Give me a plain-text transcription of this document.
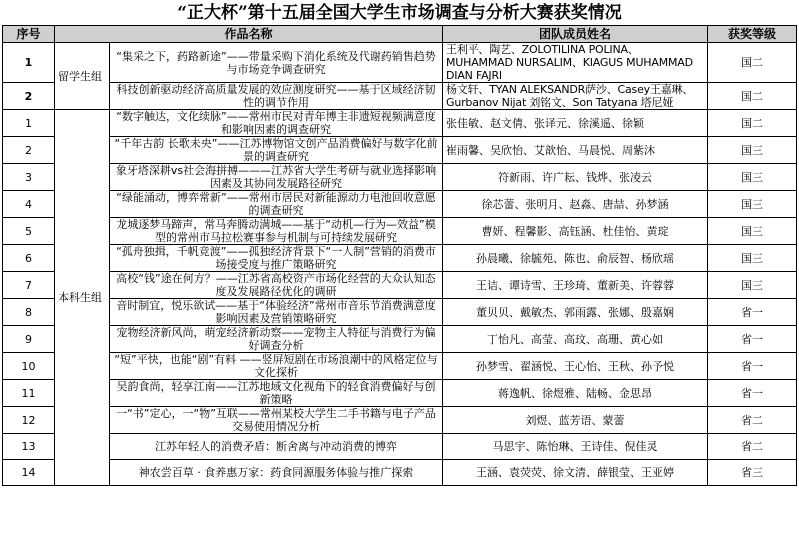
“正大杯”第十五届全国大学生市场调查与分析大赛获奖情况
序号	作品名称		团队成员姓名	获奖等级
1	留学生组	“集采之下，药路新途”——带量采购下消化系统及代谢药销售趋势与市场竞争调查研究	王利平、陶艺、ZOLOTILINA POLINA、MUHAMMAD NURSALIM、KIAGUS MUHAMMAD DIAN FAJRI	国二
2		科技创新驱动经济高质量发展的效应测度研究——基于区域经济韧性的调节作用	杨文轩、TYAN ALEKSANDR萨沙、Casey王嘉琳、Gurbanov Nijat 刘铭文、Son Tatyana 塔尼娅	国二
1	本科生组	“数字触达，文化续脉”——常州市民对青年博主非遗短视频满意度和影响因素的调查研究	张佳敏、赵文倩、张译元、徐溪遥、徐颖	国二
2		“千年古韵 长歌未央”——江苏博物馆文创产品消费偏好与数字化前景的调查研究	崔雨馨、吴欣怡、艾歆怡、马晨悦、周紫沐	国三
3		象牙塔深耕vs社会海拼搏———江苏省大学生考研与就业选择影响因素及其协同发展路径研究	符新雨、许广耘、钱烨、张凌云	国三
4		“绿能涌动，博弈常新”——常州市居民对新能源动力电池回收意愿的调查研究	徐芯蕾、张明月、赵淼、唐喆、孙梦涵	国三
5		龙城逐梦马蹄声，常马奔腾动满城——基于“动机—行为—效益”模型的常州市马拉松赛事参与机制与可持续发展研究	曹妍、程馨影、高钰涵、杜佳怡、黄琔	国三
6		“孤舟独揖，千帆竞渡”——孤独经济背景下“一人制”营销的消费市场接受度与推广策略研究	孙晨曦、徐毓苑、陈也、俞辰智、杨欣瑶	国三
7		高校“钱”途在何方？——江苏省高校资产市场化经营的大众认知态度及发展路径优化的调研	王诘、谭诗雪、王珍琦、董新美、许蓉蓉	国三
8		音时制宜，悦乐欲试——基于“体验经济”常州市音乐节消费满意度影响因素及营销策略研究	董贝贝、戴敏杰、郭雨露、张娜、殷嘉娴	省一
9		宠物经济新风尚，萌宠经济新动察——宠物主人特征与消费行为偏好调查分析	丁怡凡、高莹、高玟、高珊、黄心如	省一
10		“短”平快，也能“剧”有料 ——竖屏短剧在市场浪潮中的风格定位与文化探析	孙梦雪、翟涵悦、王心怡、王秋、孙予悦	省一
11		吴韵食尚，轻享江南——江苏地域文化视角下的轻食消费偏好与创新策略	蒋逸帆、徐煜雅、陆畅、金思昂	省一
12		一“书”定心，一“物”互联——常州某校大学生二手书籍与电子产品交易使用情况分析	刘煜、蓝芳语、蒙蕾	省二
13		江苏年轻人的消费矛盾：断舍离与冲动消费的博弈	马思宇、陈怡琳、王诗佳、倪佳灵	省二
14		神农尝百草 · 食养惠万家：药食同源服务体验与推广探索	王涵、袁荧荧、徐文清、薛银莹、王亚婷	省三
